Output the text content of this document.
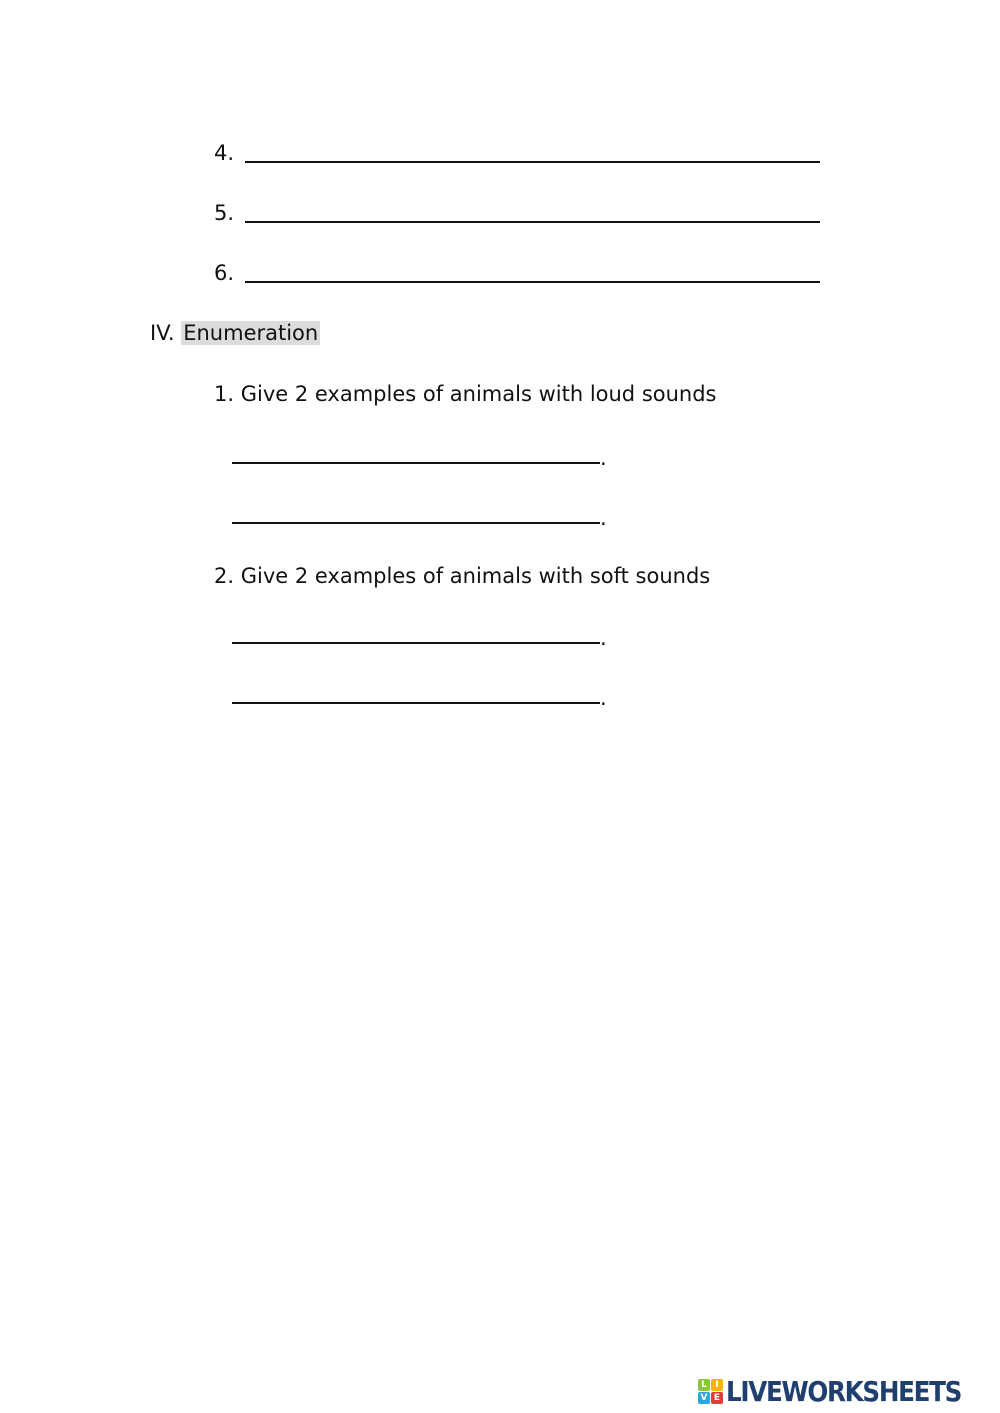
4.
5.
6.
IV. Enumeration
1. Give 2 examples of animals with loud sounds
.
.
2. Give 2 examples of animals with soft sounds
.
.
L I
V E LIVEWORKSHEETS
